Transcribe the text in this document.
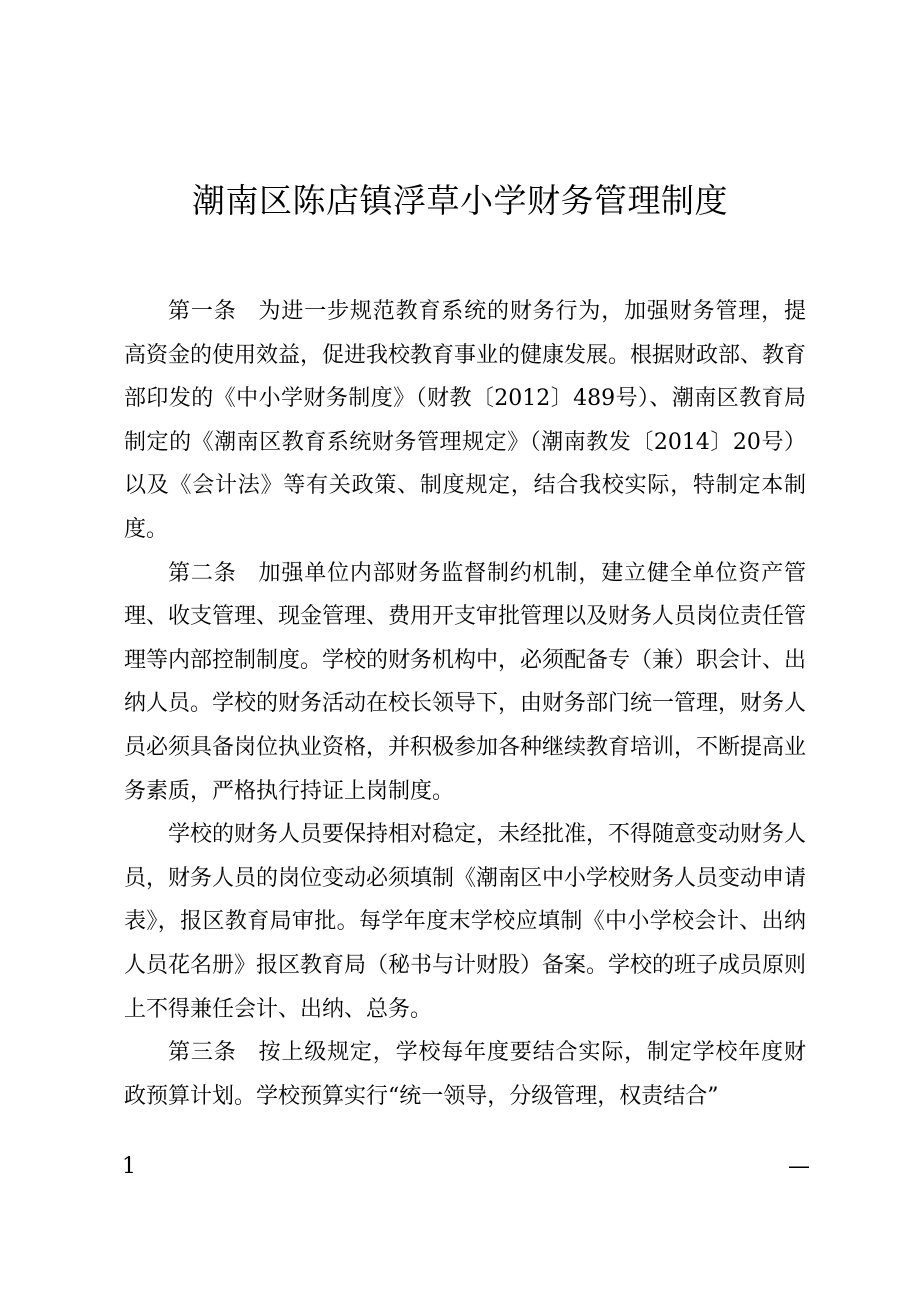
潮南区陈店镇浮草小学财务管理制度

第一条 为进一步规范教育系统的财务行为，加强财务管理，提高资金的使用效益，促进我校教育事业的健康发展。根据财政部、教育部印发的《中小学财务制度》（财教〔2012〕489号）、潮南区教育局制定的《潮南区教育系统财务管理规定》（潮南教发〔2014〕20号）以及《会计法》等有关政策、制度规定，结合我校实际，特制定本制度。

第二条 加强单位内部财务监督制约机制，建立健全单位资产管理、收支管理、现金管理、费用开支审批管理以及财务人员岗位责任管理等内部控制制度。学校的财务机构中，必须配备专（兼）职会计、出纳人员。学校的财务活动在校长领导下，由财务部门统一管理，财务人员必须具备岗位执业资格，并积极参加各种继续教育培训，不断提高业务素质，严格执行持证上岗制度。

学校的财务人员要保持相对稳定，未经批准，不得随意变动财务人员，财务人员的岗位变动必须填制《潮南区中小学校财务人员变动申请表》，报区教育局审批。每学年度末学校应填制《中小学校会计、出纳人员花名册》报区教育局（秘书与计财股）备案。学校的班子成员原则上不得兼任会计、出纳、总务。

第三条 按上级规定，学校每年度要结合实际，制定学校年度财政预算计划。学校预算实行“统一领导，分级管理，权责结合”

1	—
